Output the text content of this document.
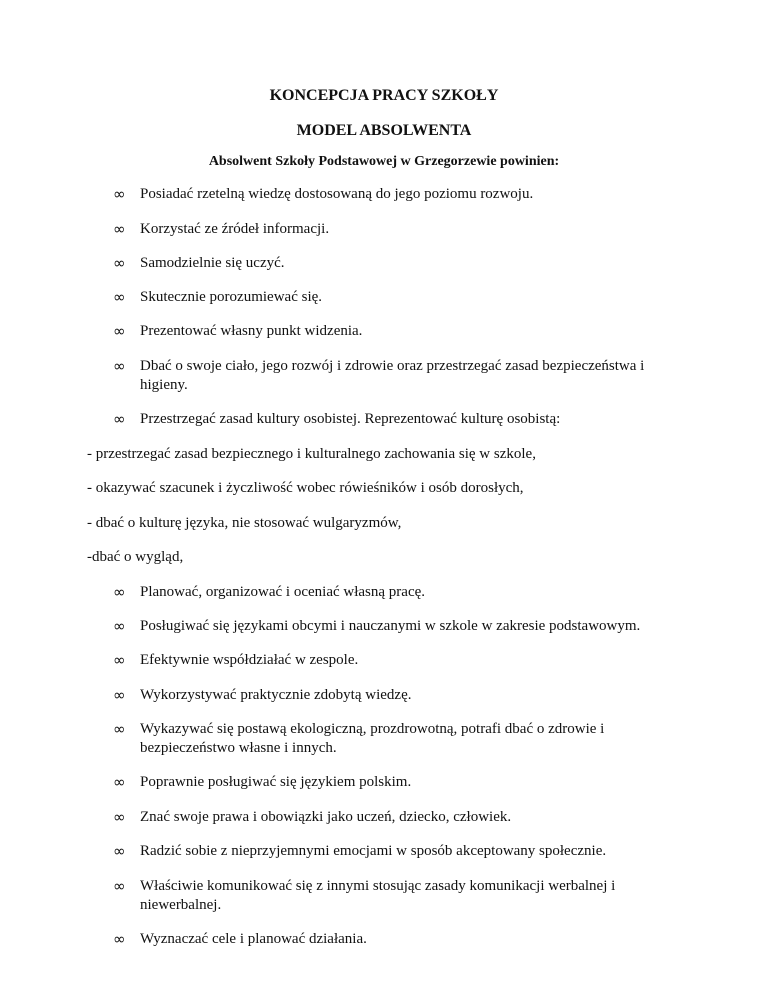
KONCEPCJA PRACY SZKOŁY
MODEL ABSOLWENTA

Absolwent Szkoły Podstawowej w Grzegorzewie powinien:

∞ Posiadać rzetelną wiedzę dostosowaną do jego poziomu rozwoju.
∞ Korzystać ze źródeł informacji.
∞ Samodzielnie się uczyć.
∞ Skutecznie porozumiewać się.
∞ Prezentować własny punkt widzenia.
∞ Dbać o swoje ciało, jego rozwój i zdrowie oraz przestrzegać zasad bezpieczeństwa i higieny.
∞ Przestrzegać zasad kultury osobistej. Reprezentować kulturę osobistą:
- przestrzegać zasad bezpiecznego i kulturalnego zachowania się w szkole,
- okazywać szacunek i życzliwość wobec rówieśników i osób dorosłych,
- dbać o kulturę języka, nie stosować wulgaryzmów,
-dbać o wygląd,
∞ Planować, organizować i oceniać własną pracę.
∞ Posługiwać się językami obcymi i nauczanymi w szkole w zakresie podstawowym.
∞ Efektywnie współdziałać w zespole.
∞ Wykorzystywać praktycznie zdobytą wiedzę.
∞ Wykazywać się postawą ekologiczną, prozdrowotną, potrafi dbać o zdrowie i bezpieczeństwo własne i innych.
∞ Poprawnie posługiwać się językiem polskim.
∞ Znać swoje prawa i obowiązki jako uczeń, dziecko, człowiek.
∞ Radzić sobie z nieprzyjemnymi emocjami w sposób akceptowany społecznie.
∞ Właściwie komunikować się z innymi stosując zasady komunikacji werbalnej i niewerbalnej.
∞ Wyznaczać cele i planować działania.
